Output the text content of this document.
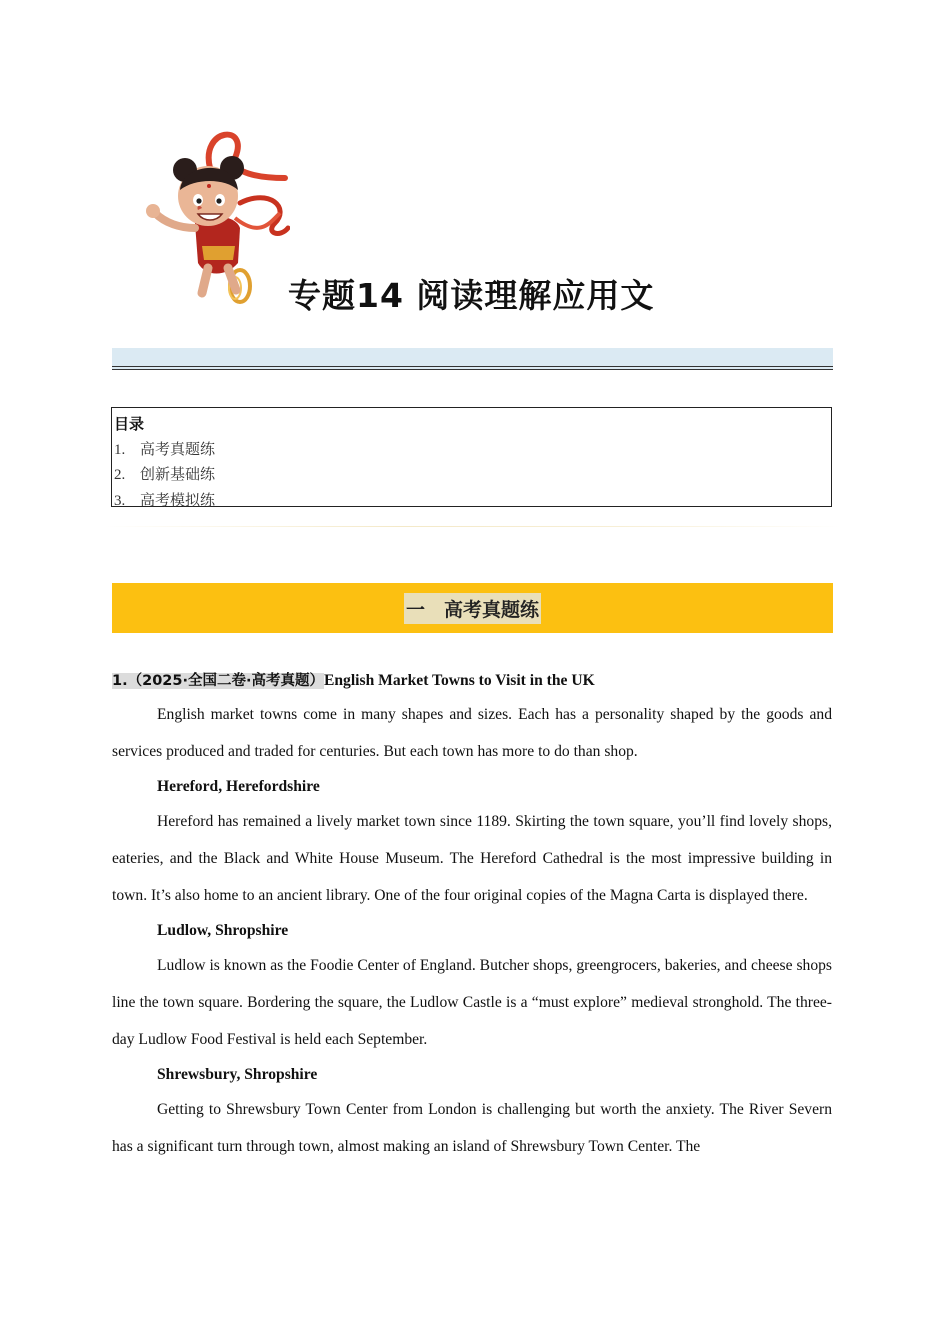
专题14 阅读理解应用文
目录
1. 高考真题练
2. 创新基础练
3. 高考模拟练
一　高考真题练
1.（2025·全国二卷·高考真题）English Market Towns to Visit in the UK

English market towns come in many shapes and sizes. Each has a personality shaped by the goods and services produced and traded for centuries. But each town has more to do than shop.

Hereford, Herefordshire

Hereford has remained a lively market town since 1189. Skirting the town square, you’ll find lovely shops, eateries, and the Black and White House Museum. The Hereford Cathedral is the most impressive building in town. It’s also home to an ancient library. One of the four original copies of the Magna Carta is displayed there.

Ludlow, Shropshire

Ludlow is known as the Foodie Center of England. Butcher shops, greengrocers, bakeries, and cheese shops line the town square. Bordering the square, the Ludlow Castle is a “must explore” medieval stronghold. The three-day Ludlow Food Festival is held each September.

Shrewsbury, Shropshire

Getting to Shrewsbury Town Center from London is challenging but worth the anxiety. The River Severn has a significant turn through town, almost making an island of Shrewsbury Town Center. The
